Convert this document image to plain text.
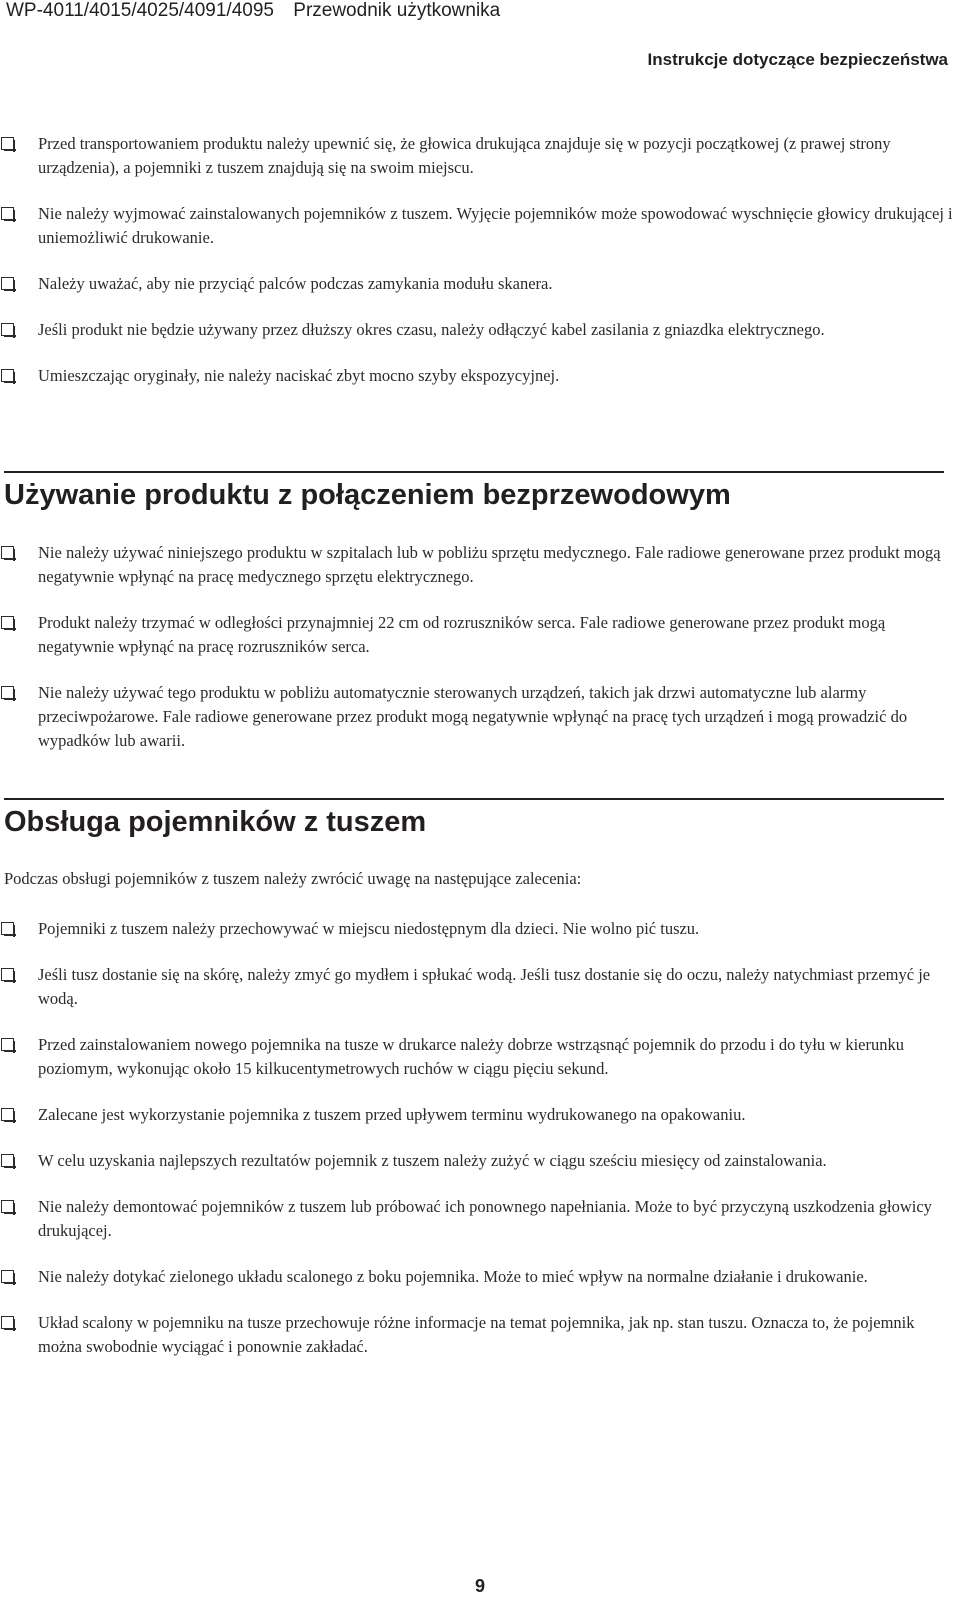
WP-4011/4015/4025/4091/4095 Przewodnik użytkownika
Instrukcje dotyczące bezpieczeństwa
Przed transportowaniem produktu należy upewnić się, że głowica drukująca znajduje się w pozycji początkowej (z prawej strony urządzenia), a pojemniki z tuszem znajdują się na swoim miejscu.
Nie należy wyjmować zainstalowanych pojemników z tuszem. Wyjęcie pojemników może spowodować wyschnięcie głowicy drukującej i uniemożliwić drukowanie.
Należy uważać, aby nie przyciąć palców podczas zamykania modułu skanera.
Jeśli produkt nie będzie używany przez dłuższy okres czasu, należy odłączyć kabel zasilania z gniazdka elektrycznego.
Umieszczając oryginały, nie należy naciskać zbyt mocno szyby ekspozycyjnej.
Używanie produktu z połączeniem bezprzewodowym
Nie należy używać niniejszego produktu w szpitalach lub w pobliżu sprzętu medycznego. Fale radiowe generowane przez produkt mogą negatywnie wpłynąć na pracę medycznego sprzętu elektrycznego.
Produkt należy trzymać w odległości przynajmniej 22 cm od rozruszników serca. Fale radiowe generowane przez produkt mogą negatywnie wpłynąć na pracę rozruszników serca.
Nie należy używać tego produktu w pobliżu automatycznie sterowanych urządzeń, takich jak drzwi automatyczne lub alarmy przeciwpożarowe. Fale radiowe generowane przez produkt mogą negatywnie wpłynąć na pracę tych urządzeń i mogą prowadzić do wypadków lub awarii.
Obsługa pojemników z tuszem
Podczas obsługi pojemników z tuszem należy zwrócić uwagę na następujące zalecenia:
Pojemniki z tuszem należy przechowywać w miejscu niedostępnym dla dzieci. Nie wolno pić tuszu.
Jeśli tusz dostanie się na skórę, należy zmyć go mydłem i spłukać wodą. Jeśli tusz dostanie się do oczu, należy natychmiast przemyć je wodą.
Przed zainstalowaniem nowego pojemnika na tusze w drukarce należy dobrze wstrząsnąć pojemnik do przodu i do tyłu w kierunku poziomym, wykonując około 15 kilkucentymetrowych ruchów w ciągu pięciu sekund.
Zalecane jest wykorzystanie pojemnika z tuszem przed upływem terminu wydrukowanego na opakowaniu.
W celu uzyskania najlepszych rezultatów pojemnik z tuszem należy zużyć w ciągu sześciu miesięcy od zainstalowania.
Nie należy demontować pojemników z tuszem lub próbować ich ponownego napełniania. Może to być przyczyną uszkodzenia głowicy drukującej.
Nie należy dotykać zielonego układu scalonego z boku pojemnika. Może to mieć wpływ na normalne działanie i drukowanie.
Układ scalony w pojemniku na tusze przechowuje różne informacje na temat pojemnika, jak np. stan tuszu. Oznacza to, że pojemnik można swobodnie wyciągać i ponownie zakładać.
9
